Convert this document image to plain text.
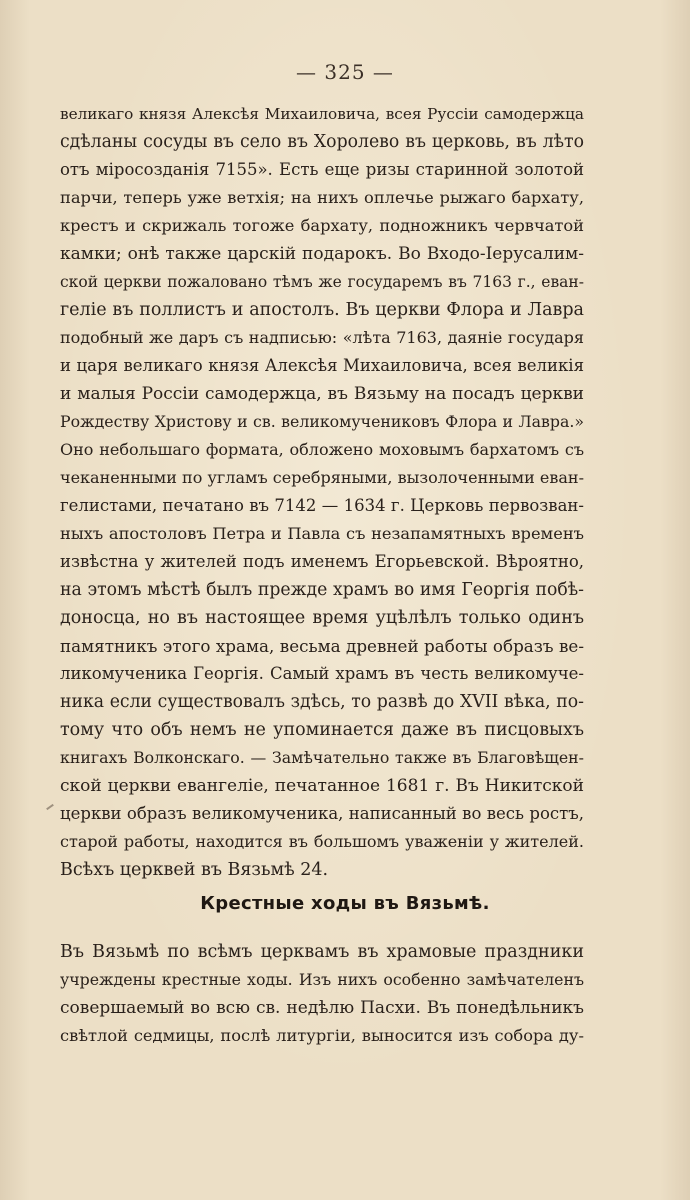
— 325 —
великаго князя Алексѣя Михаиловича, всея Руссіи самодержца
сдѣланы сосуды въ село въ Хоролево въ церковь, въ лѣто
отъ міросозданія 7155». Есть еще ризы старинной золотой
парчи, теперь уже ветхія; на нихъ оплечье рыжаго бархату,
крестъ и скрижаль тогоже бархату, подножникъ червчатой
камки; онѣ также царскій подарокъ. Во Входо-Іерусалим-
ской церкви пожаловано тѣмъ же государемъ въ 7163 г., еван-
геліе въ поллистъ и апостолъ. Въ церкви Флора и Лавра
подобный же даръ съ надписью: «лѣта 7163, даяніе государя
и царя великаго князя Алексѣя Михаиловича, всея великія
и малыя Россіи самодержца, въ Вязьму на посадъ церкви
Рождеству Христову и св. великомучениковъ Флора и Лавра.»
Оно небольшаго формата, обложено моховымъ бархатомъ съ
чеканенными по угламъ серебряными, вызолоченными еван-
гелистами, печатано въ 7142 — 1634 г. Церковь первозван-
ныхъ апостоловъ Петра и Павла съ незапамятныхъ временъ
извѣстна у жителей подъ именемъ Егорьевской. Вѣроятно,
на этомъ мѣстѣ былъ прежде храмъ во имя Георгія побѣ-
доносца, но въ настоящее время уцѣлѣлъ только одинъ
памятникъ этого храма, весьма древней работы образъ ве-
ликомученика Георгія. Самый храмъ въ честь великомуче-
ника если существовалъ здѣсь, то развѣ до XVII вѣка, по-
тому что объ немъ не упоминается даже въ писцовыхъ
книгахъ Волконскаго. — Замѣчательно также въ Благовѣщен-
ской церкви евангеліе, печатанное 1681 г. Въ Никитской
церкви образъ великомученика, написанный во весь ростъ,
старой работы, находится въ большомъ уваженіи у жителей.
Всѣхъ церквей въ Вязьмѣ 24.
Крестные ходы въ Вязьмѣ.
Въ Вязьмѣ по всѣмъ церквамъ въ храмовые праздники
учреждены крестные ходы. Изъ нихъ особенно замѣчателенъ
совершаемый во всю св. недѣлю Пасхи. Въ понедѣльникъ
свѣтлой седмицы, послѣ литургіи, выносится изъ собора ду-
